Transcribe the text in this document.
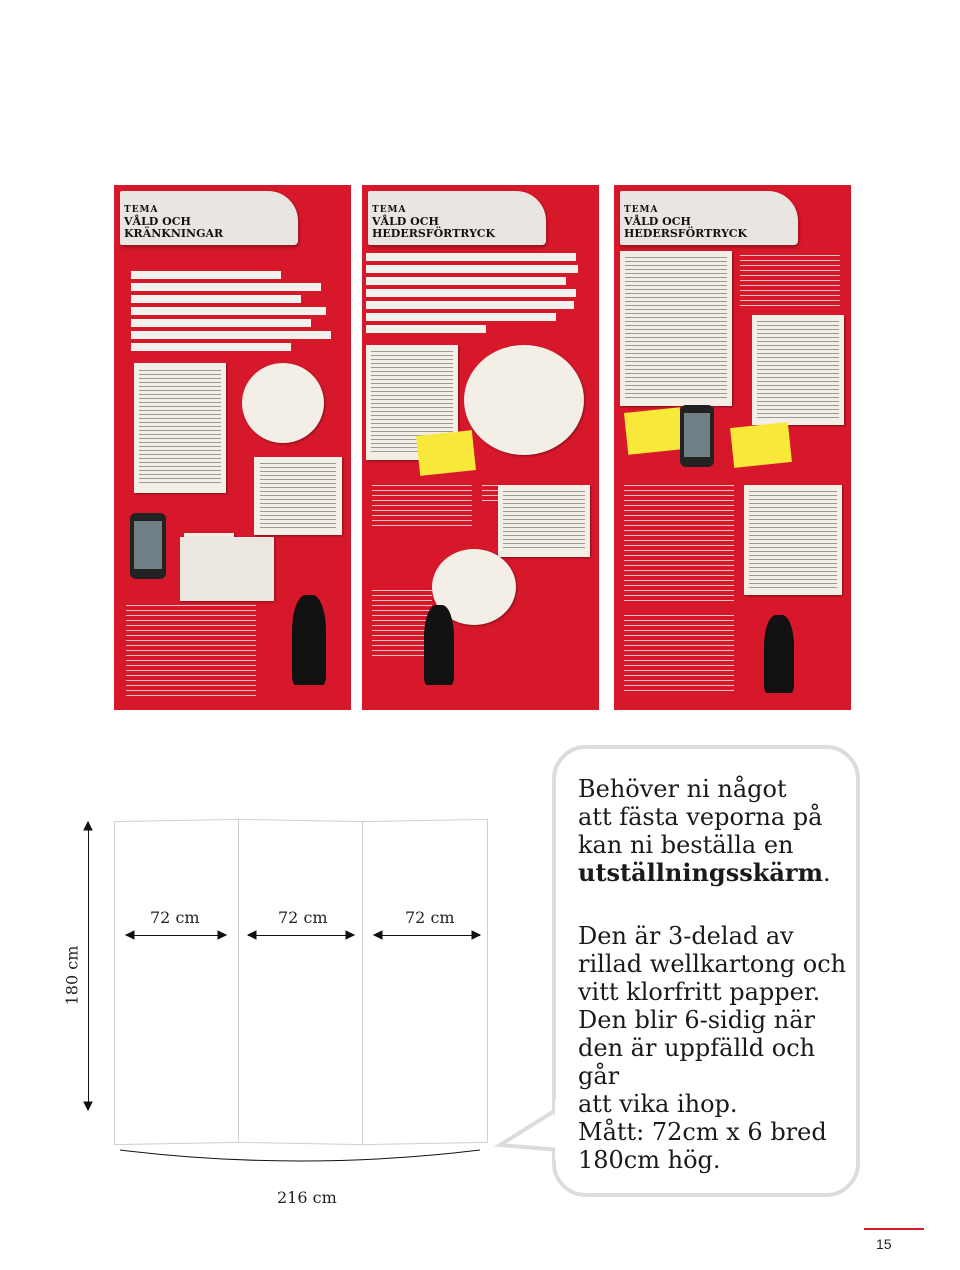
TEMA
VÅLD OCH
KRÄNKNINGAR
TEMA
VÅLD OCH
HEDERSFÖRTRYCK
TEMA
VÅLD OCH
HEDERSFÖRTRYCK
72 cm	72 cm	72 cm
180 cm
216 cm
Behöver ni något
att fästa veporna på
kan ni beställa en
utställningsskärm.
Den är 3-delad av
rillad wellkartong och
vitt klorfritt papper.
Den blir 6-sidig när
den är uppfälld och går
att vika ihop.
Mått: 72cm x 6 bred
180cm hög.
15
